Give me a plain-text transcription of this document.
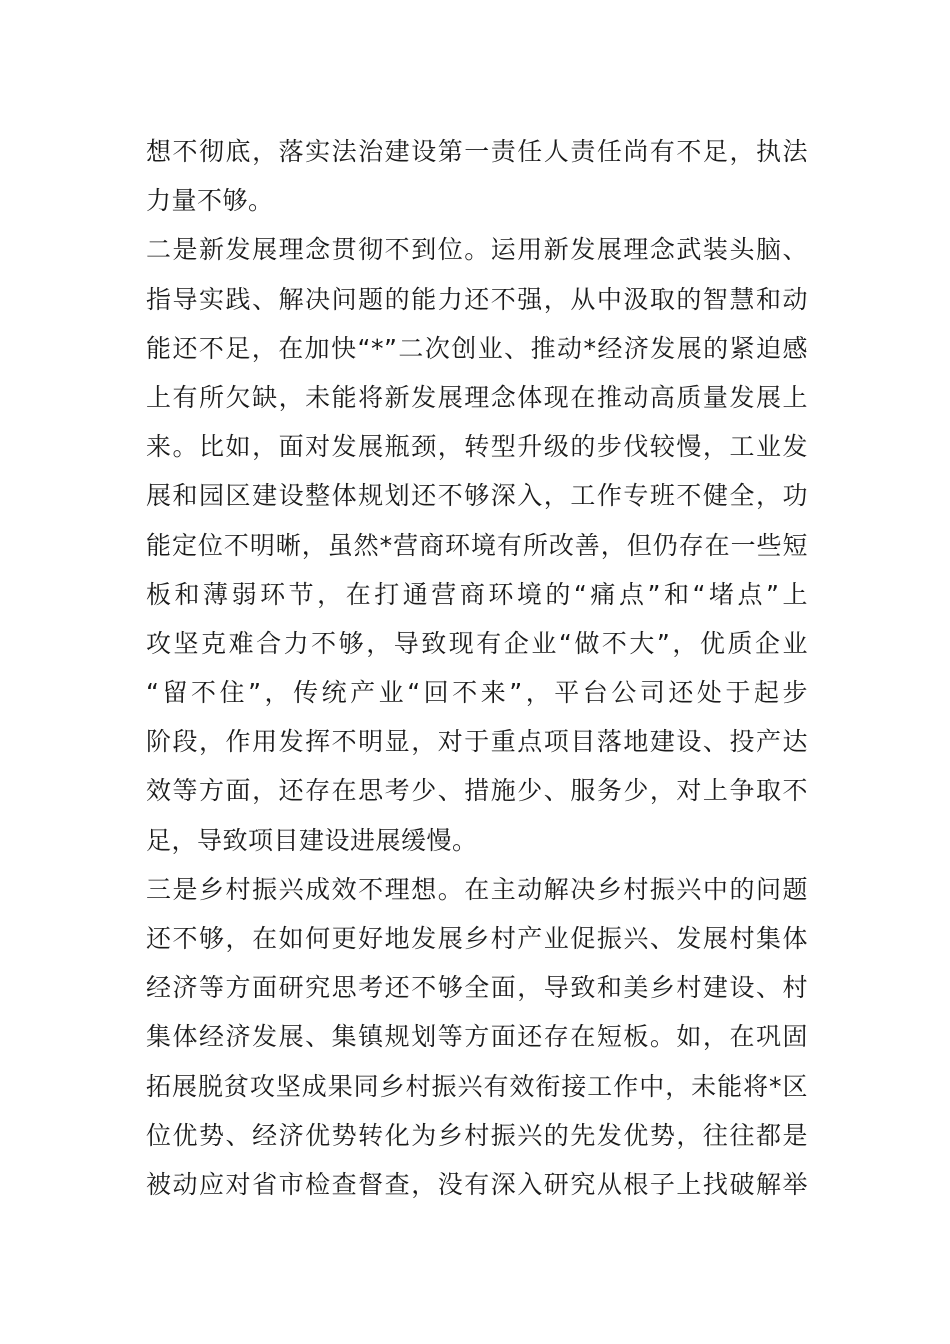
想不彻底，落实法治建设第一责任人责任尚有不足，执法
力量不够。
二是新发展理念贯彻不到位。运用新发展理念武装头脑、
指导实践、解决问题的能力还不强，从中汲取的智慧和动
能还不足，在加快“*”二次创业、推动*经济发展的紧迫感
上有所欠缺，未能将新发展理念体现在推动高质量发展上
来。比如，面对发展瓶颈，转型升级的步伐较慢，工业发
展和园区建设整体规划还不够深入，工作专班不健全，功
能定位不明晰，虽然*营商环境有所改善，但仍存在一些短
板和薄弱环节，在打通营商环境的“痛点”和“堵点”上
攻坚克难合力不够，导致现有企业“做不大”，优质企业
“留不住”，传统产业“回不来”，平台公司还处于起步
阶段，作用发挥不明显，对于重点项目落地建设、投产达
效等方面，还存在思考少、措施少、服务少，对上争取不
足，导致项目建设进展缓慢。
三是乡村振兴成效不理想。在主动解决乡村振兴中的问题
还不够，在如何更好地发展乡村产业促振兴、发展村集体
经济等方面研究思考还不够全面，导致和美乡村建设、村
集体经济发展、集镇规划等方面还存在短板。如，在巩固
拓展脱贫攻坚成果同乡村振兴有效衔接工作中，未能将*区
位优势、经济优势转化为乡村振兴的先发优势，往往都是
被动应对省市检查督查，没有深入研究从根子上找破解举
